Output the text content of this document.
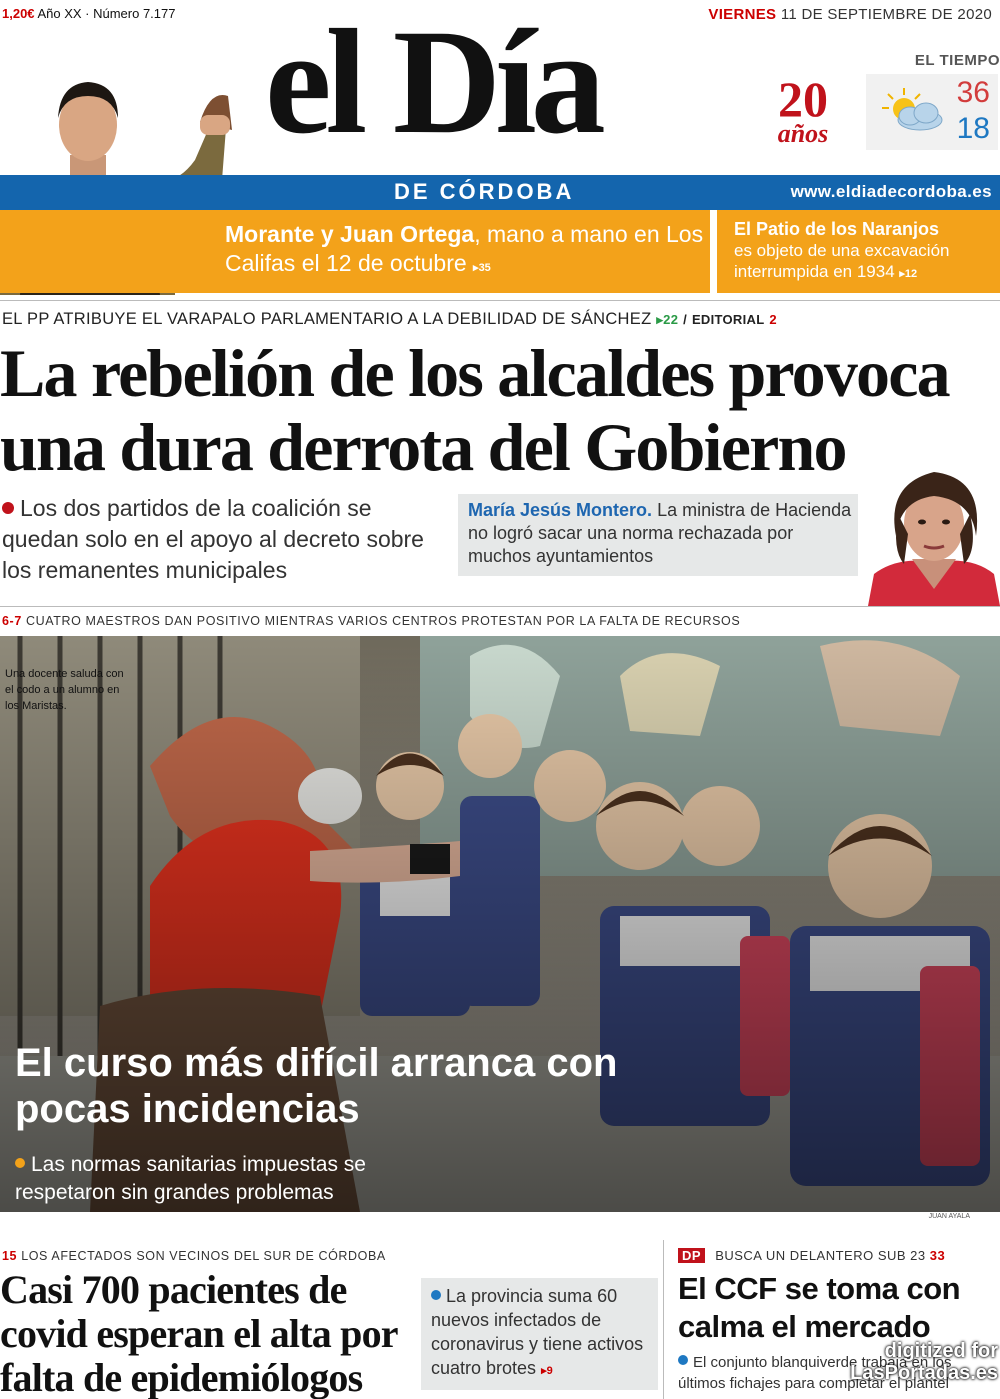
1,20€ Año XX · Número 7.177	VIERNES 11 DE SEPTIEMBRE DE 2020
el Día	20
años
EL TIEMPO
36
18
DE CÓRDOBA	www.eldiadecordoba.es
Morante y Juan Ortega, mano a mano en Los Califas el 12 de octubre ▸35
El Patio de los Naranjos
es objeto de una excavación interrumpida en 1934 ▸12
EL PP ATRIBUYE EL VARAPALO PARLAMENTARIO A LA DEBILIDAD DE SÁNCHEZ ▸22 / EDITORIAL 2
La rebelión de los alcaldes provoca una dura derrota del Gobierno
Los dos partidos de la coalición se quedan solo en el apoyo al decreto sobre los remanentes municipales
María Jesús Montero. La ministra de Hacienda no logró sacar una norma rechazada por muchos ayuntamientos
6-7 CUATRO MAESTROS DAN POSITIVO MIENTRAS VARIOS CENTROS PROTESTAN POR LA FALTA DE RECURSOS
Una docente saluda con el codo a un alumno en los Maristas.
El curso más difícil arranca con pocas incidencias
Las normas sanitarias impuestas se respetaron sin grandes problemas
JUAN AYALA
15 LOS AFECTADOS SON VECINOS DEL SUR DE CÓRDOBA
Casi 700 pacientes de covid esperan el alta por falta de epidemiólogos
La provincia suma 60 nuevos infectados de coronavirus y tiene activos cuatro brotes ▸9
DP BUSCA UN DELANTERO SUB 23 33
El CCF se toma con calma el mercado
El conjunto blanquiverde trabaja en los últimos fichajes para completar el plantel
digitized for
LasPortadas.es
